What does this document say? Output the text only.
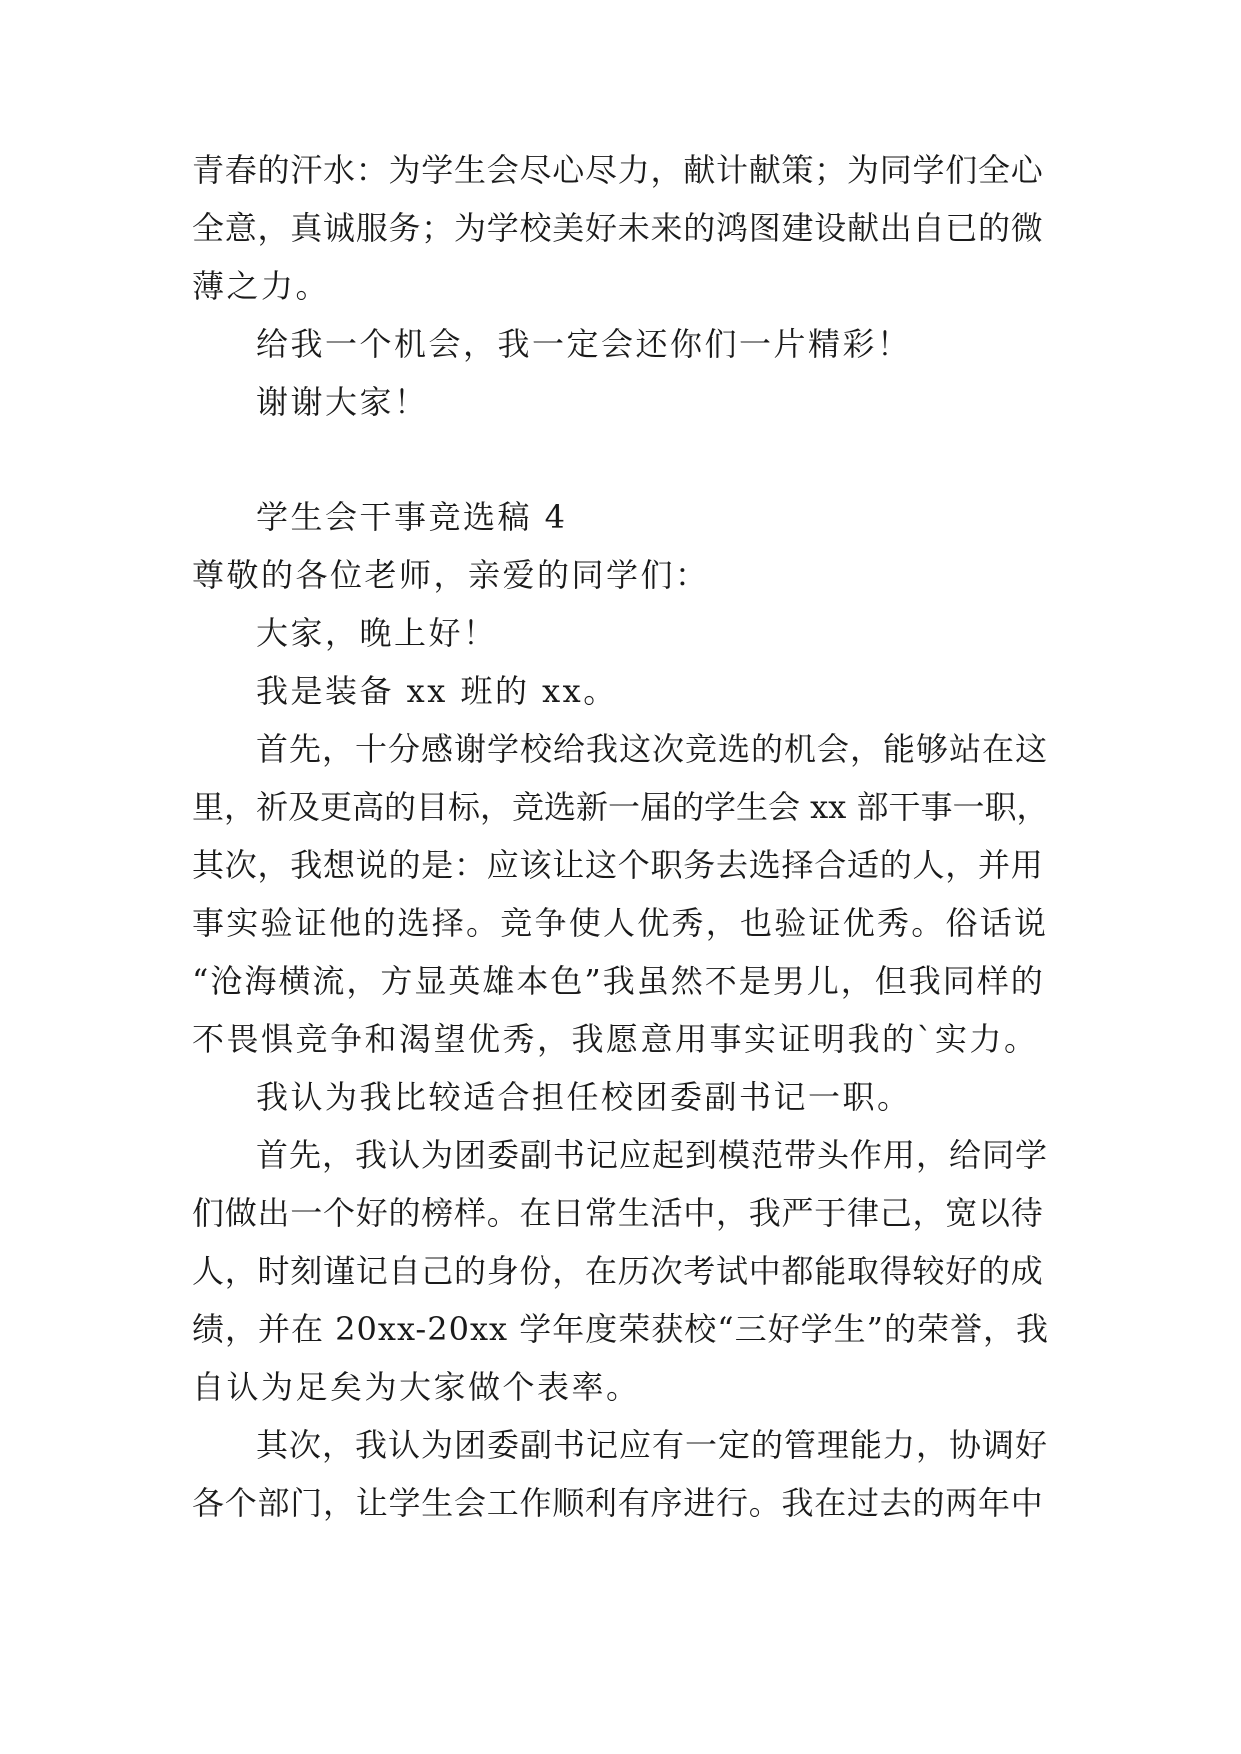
青春的汗水：为学生会尽心尽力，献计献策；为同学们全心
全意，真诚服务；为学校美好未来的鸿图建设献出自已的微
薄之力。
给我一个机会，我一定会还你们一片精彩！
谢谢大家！
学生会干事竞选稿 4
尊敬的各位老师，亲爱的同学们：
大家，晚上好！
我是装备 xx 班的 xx。
首先，十分感谢学校给我这次竞选的机会，能够站在这
里，祈及更高的目标，竞选新一届的学生会 xx 部干事一职，
其次，我想说的是：应该让这个职务去选择合适的人，并用
事实验证他的选择。竞争使人优秀，也验证优秀。俗话说
“沧海横流，方显英雄本色”我虽然不是男儿，但我同样的
不畏惧竞争和渴望优秀，我愿意用事实证明我的`实力。
我认为我比较适合担任校团委副书记一职。
首先，我认为团委副书记应起到模范带头作用，给同学
们做出一个好的榜样。在日常生活中，我严于律己，宽以待
人，时刻谨记自己的身份，在历次考试中都能取得较好的成
绩，并在 20xx-20xx 学年度荣获校“三好学生”的荣誉，我
自认为足矣为大家做个表率。
其次，我认为团委副书记应有一定的管理能力，协调好
各个部门，让学生会工作顺利有序进行。我在过去的两年中
